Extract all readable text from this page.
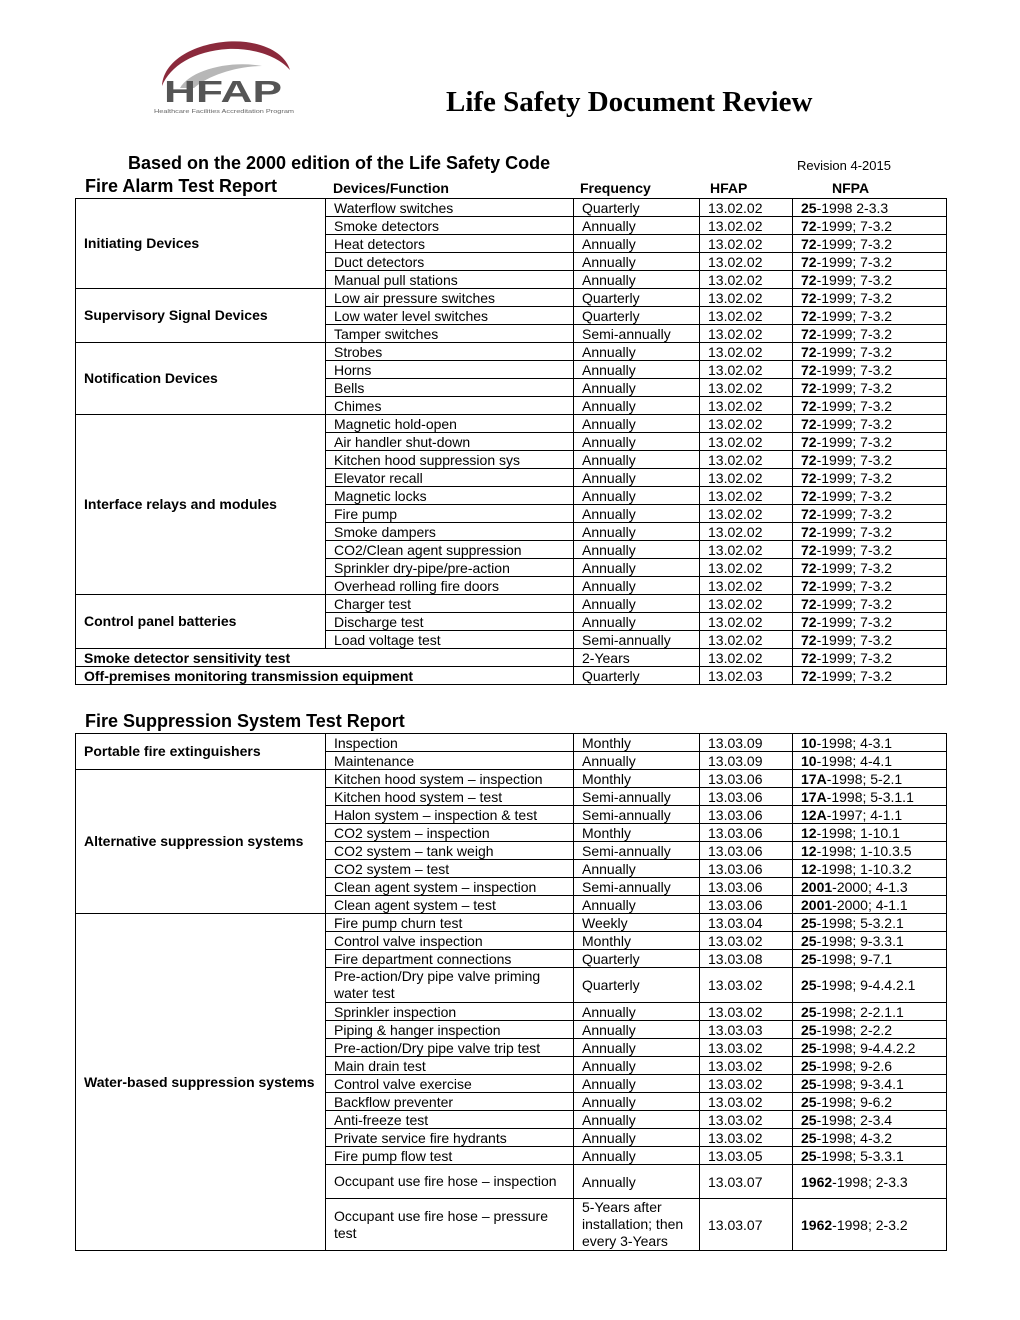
HFAP
Healthcare Facilities Accreditation Program	Life Safety Document Review
Based on the 2000 edition of the Life Safety Code	Revision 4-2015
Fire Alarm Test Report	Devices/Function	Frequency	HFAP	NFPA
Initiating Devices	Waterflow switches	Quarterly	13.02.02	25-1998 2-3.3
	Smoke detectors	Annually	13.02.02	72-1999; 7-3.2
	Heat detectors	Annually	13.02.02	72-1999; 7-3.2
	Duct detectors	Annually	13.02.02	72-1999; 7-3.2
	Manual pull stations	Annually	13.02.02	72-1999; 7-3.2
Supervisory Signal Devices	Low air pressure switches	Quarterly	13.02.02	72-1999; 7-3.2
	Low water level switches	Quarterly	13.02.02	72-1999; 7-3.2
	Tamper switches	Semi-annually	13.02.02	72-1999; 7-3.2
Notification Devices	Strobes	Annually	13.02.02	72-1999; 7-3.2
	Horns	Annually	13.02.02	72-1999; 7-3.2
	Bells	Annually	13.02.02	72-1999; 7-3.2
	Chimes	Annually	13.02.02	72-1999; 7-3.2
Interface relays and modules	Magnetic hold-open	Annually	13.02.02	72-1999; 7-3.2
	Air handler shut-down	Annually	13.02.02	72-1999; 7-3.2
	Kitchen hood suppression sys	Annually	13.02.02	72-1999; 7-3.2
	Elevator recall	Annually	13.02.02	72-1999; 7-3.2
	Magnetic locks	Annually	13.02.02	72-1999; 7-3.2
	Fire pump	Annually	13.02.02	72-1999; 7-3.2
	Smoke dampers	Annually	13.02.02	72-1999; 7-3.2
	CO2/Clean agent suppression	Annually	13.02.02	72-1999; 7-3.2
	Sprinkler dry-pipe/pre-action	Annually	13.02.02	72-1999; 7-3.2
	Overhead rolling fire doors	Annually	13.02.02	72-1999; 7-3.2
Control panel batteries	Charger test	Annually	13.02.02	72-1999; 7-3.2
	Discharge test	Annually	13.02.02	72-1999; 7-3.2
	Load voltage test	Semi-annually	13.02.02	72-1999; 7-3.2
Smoke detector sensitivity test		2-Years	13.02.02	72-1999; 7-3.2
Off-premises monitoring transmission equipment		Quarterly	13.02.03	72-1999; 7-3.2
Fire Suppression System Test Report
Portable fire extinguishers	Inspection	Monthly	13.03.09	10-1998; 4-3.1
	Maintenance	Annually	13.03.09	10-1998; 4-4.1
Alternative suppression systems	Kitchen hood system – inspection	Monthly	13.03.06	17A-1998; 5-2.1
	Kitchen hood system – test	Semi-annually	13.03.06	17A-1998; 5-3.1.1
	Halon system – inspection & test	Semi-annually	13.03.06	12A-1997; 4-1.1
	CO2 system – inspection	Monthly	13.03.06	12-1998; 1-10.1
	CO2 system – tank weigh	Semi-annually	13.03.06	12-1998; 1-10.3.5
	CO2 system – test	Annually	13.03.06	12-1998; 1-10.3.2
	Clean agent system – inspection	Semi-annually	13.03.06	2001-2000; 4-1.3
	Clean agent system – test	Annually	13.03.06	2001-2000; 4-1.1
Water-based suppression systems	Fire pump churn test	Weekly	13.03.04	25-1998; 5-3.2.1
	Control valve inspection	Monthly	13.03.02	25-1998; 9-3.3.1
	Fire department connections	Quarterly	13.03.08	25-1998; 9-7.1
	Pre-action/Dry pipe valve priming water test	Quarterly	13.03.02	25-1998; 9-4.4.2.1
	Sprinkler inspection	Annually	13.03.02	25-1998; 2-2.1.1
	Piping & hanger inspection	Annually	13.03.03	25-1998; 2-2.2
	Pre-action/Dry pipe valve trip test	Annually	13.03.02	25-1998; 9-4.4.2.2
	Main drain test	Annually	13.03.02	25-1998; 9-2.6
	Control valve exercise	Annually	13.03.02	25-1998; 9-3.4.1
	Backflow preventer	Annually	13.03.02	25-1998; 9-6.2
	Anti-freeze test	Annually	13.03.02	25-1998; 2-3.4
	Private service fire hydrants	Annually	13.03.02	25-1998; 4-3.2
	Fire pump flow test	Annually	13.03.05	25-1998; 5-3.3.1
	Occupant use fire hose – inspection	Annually	13.03.07	1962-1998; 2-3.3
	Occupant use fire hose – pressure test	5-Years after installation; then every 3-Years	13.03.07	1962-1998; 2-3.2
